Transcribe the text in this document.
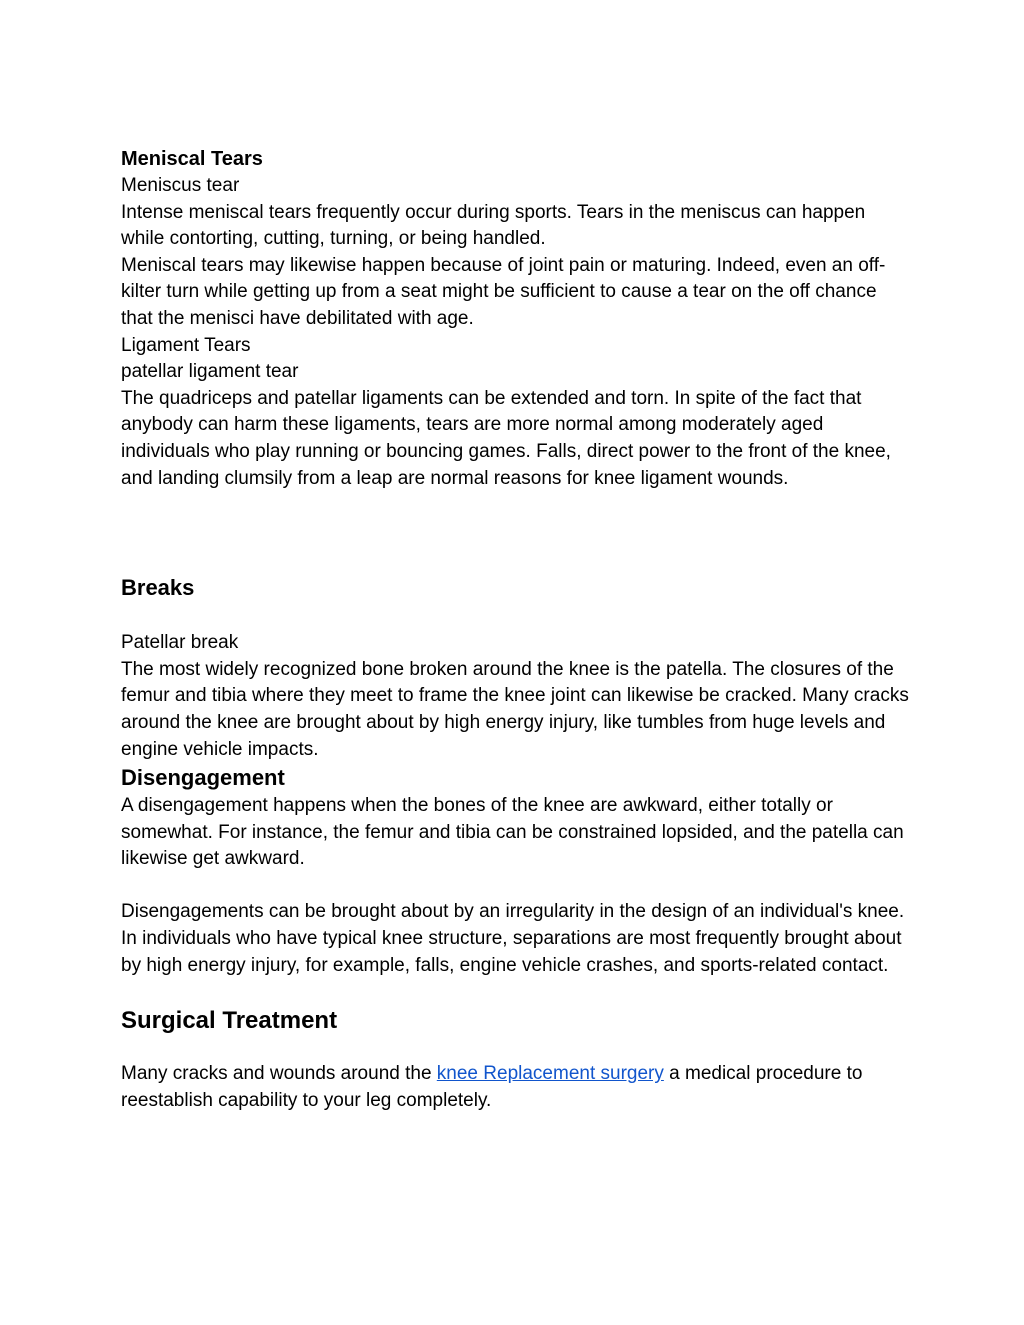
Meniscal Tears

Meniscus tear

Intense meniscal tears frequently occur during sports. Tears in the meniscus can happen while contorting, cutting, turning, or being handled.

Meniscal tears may likewise happen because of joint pain or maturing. Indeed, even an off-kilter turn while getting up from a seat might be sufficient to cause a tear on the off chance that the menisci have debilitated with age.

Ligament Tears

patellar ligament tear

The quadriceps and patellar ligaments can be extended and torn. In spite of the fact that anybody can harm these ligaments, tears are more normal among moderately aged individuals who play running or bouncing games. Falls, direct power to the front of the knee, and landing clumsily from a leap are normal reasons for knee ligament wounds.

Breaks

Patellar break

The most widely recognized bone broken around the knee is the patella. The closures of the femur and tibia where they meet to frame the knee joint can likewise be cracked. Many cracks around the knee are brought about by high energy injury, like tumbles from huge levels and engine vehicle impacts.

Disengagement

A disengagement happens when the bones of the knee are awkward, either totally or somewhat. For instance, the femur and tibia can be constrained lopsided, and the patella can likewise get awkward.

Disengagements can be brought about by an irregularity in the design of an individual's knee.

In individuals who have typical knee structure, separations are most frequently brought about by high energy injury, for example, falls, engine vehicle crashes, and sports-related contact.

Surgical Treatment

Many cracks and wounds around the knee Replacement surgery a medical procedure to reestablish capability to your leg completely.
